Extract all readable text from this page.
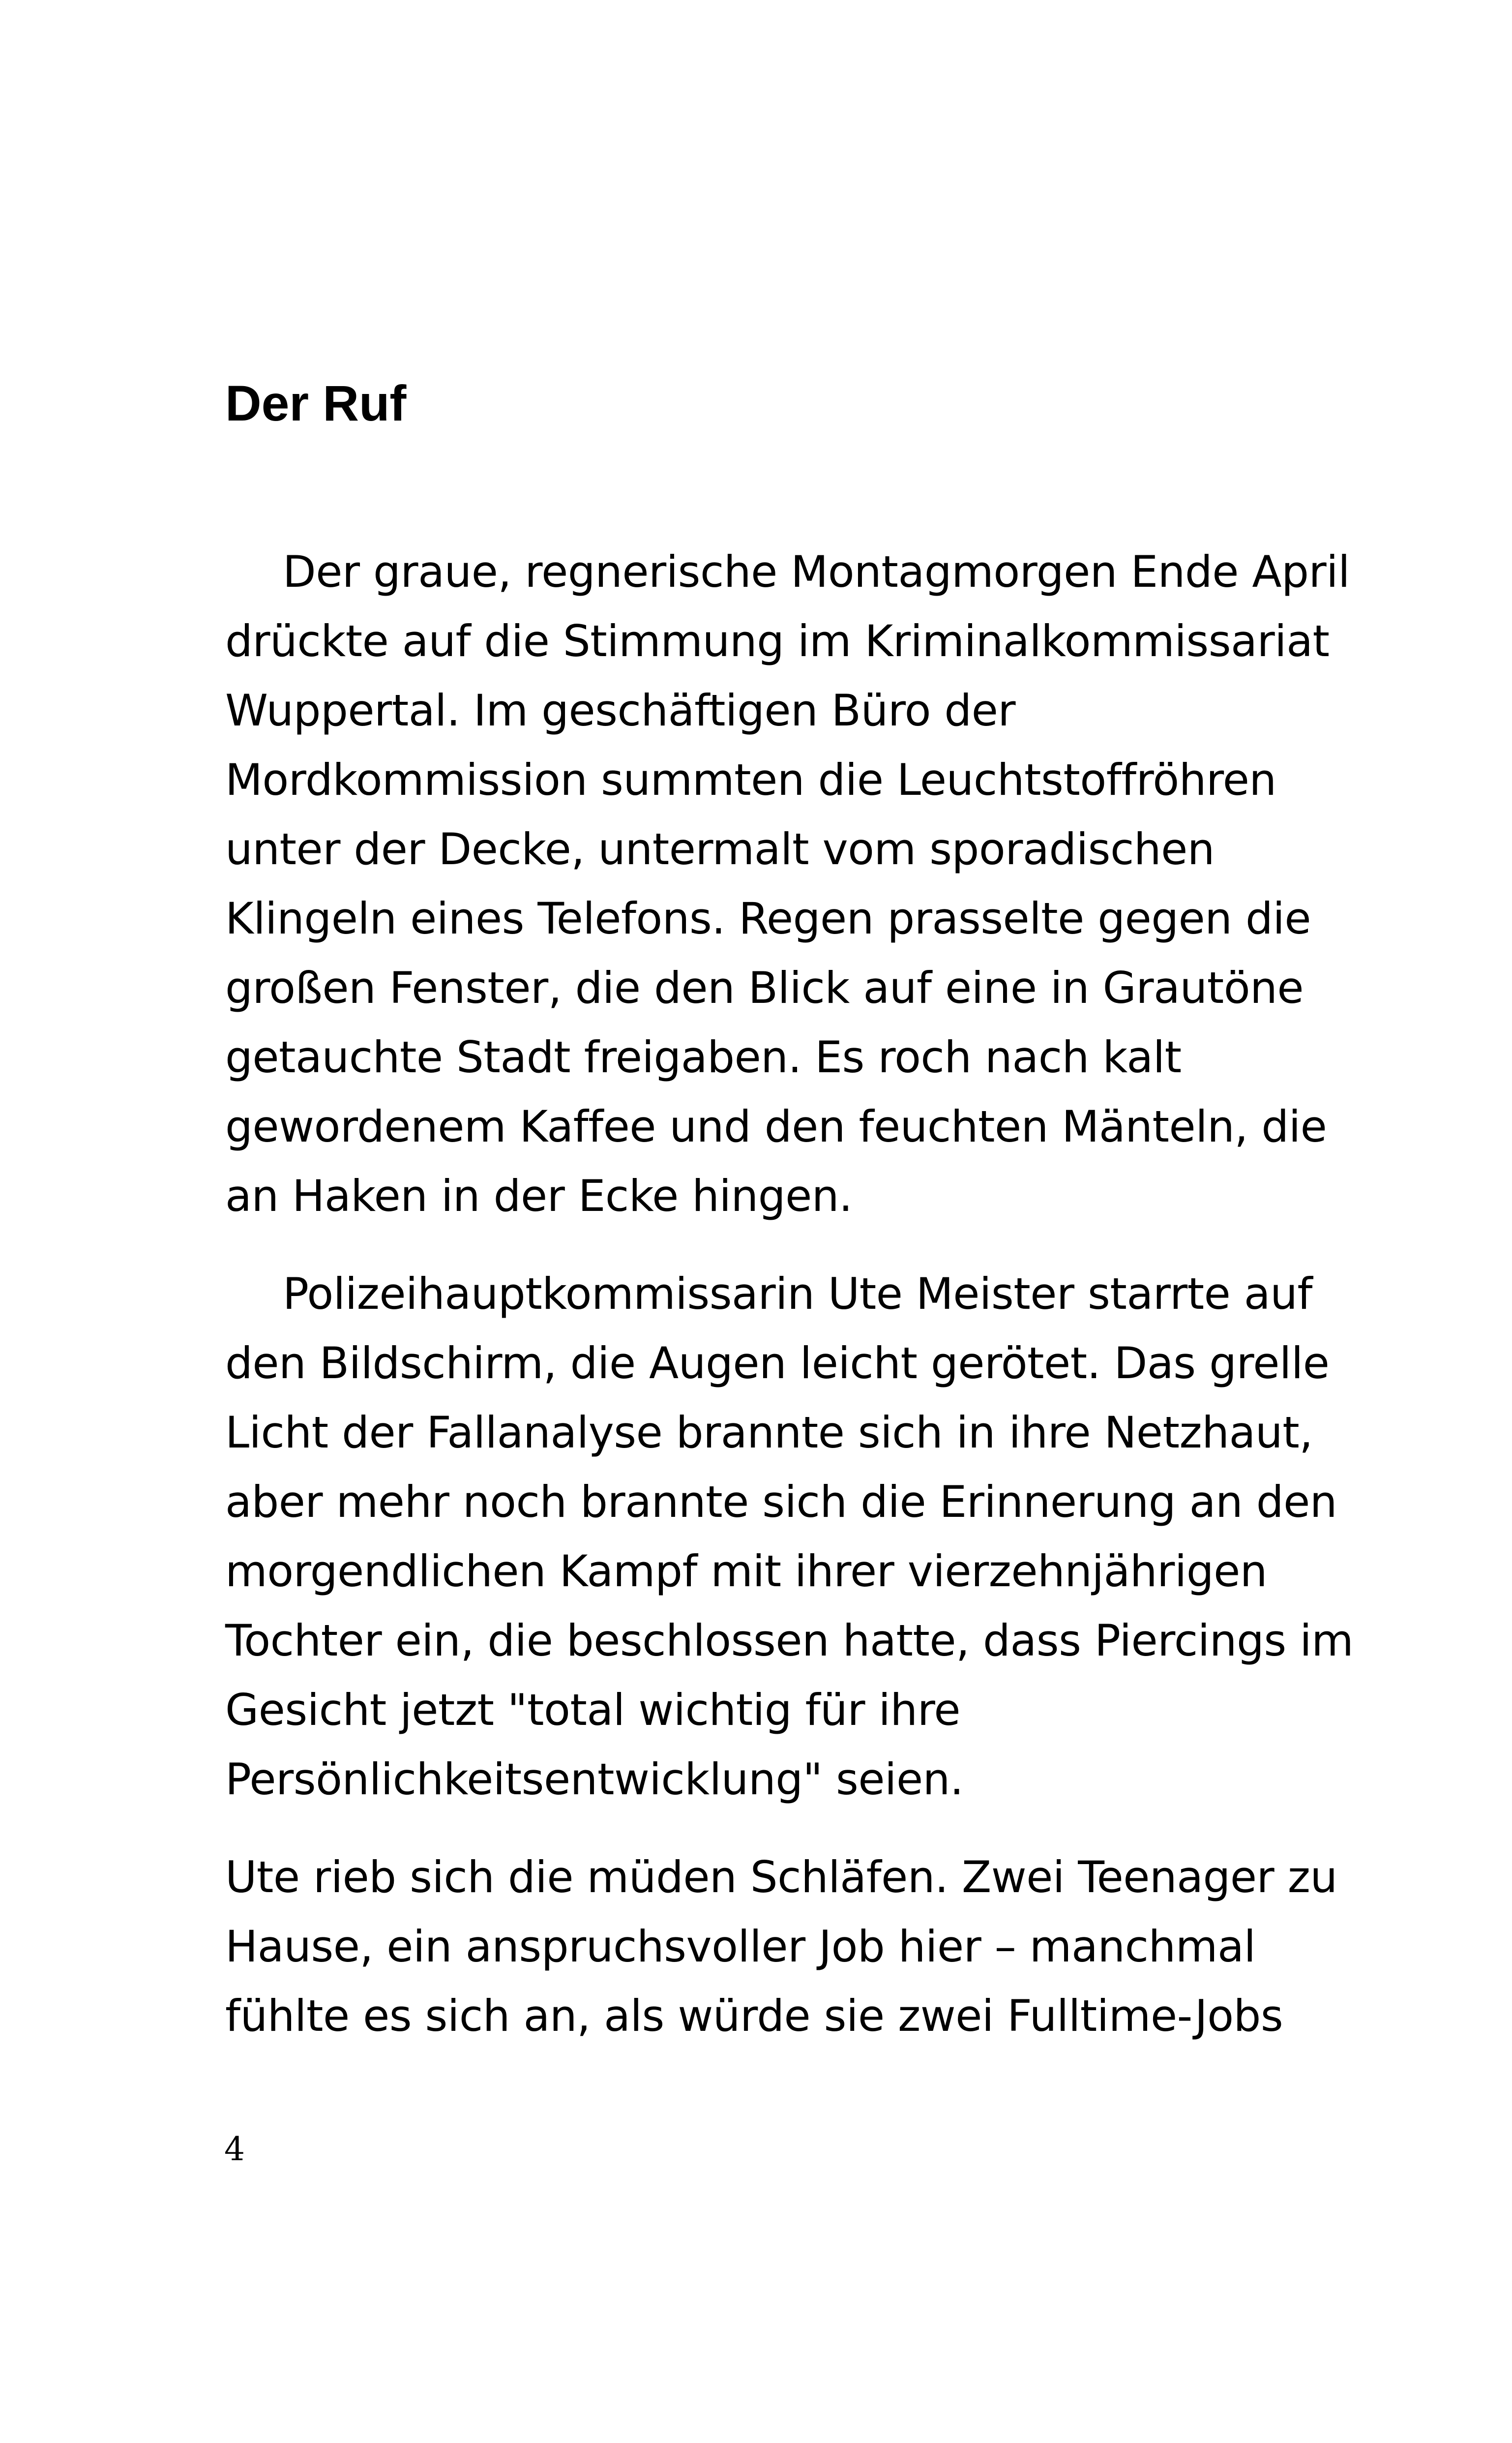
Der Ruf

Der graue, regnerische Montagmorgen Ende April
drückte auf die Stimmung im Kriminalkommissariat
Wuppertal. Im geschäftigen Büro der
Mordkommission summten die Leuchtstoffröhren
unter der Decke, untermalt vom sporadischen
Klingeln eines Telefons. Regen prasselte gegen die
großen Fenster, die den Blick auf eine in Grautöne
getauchte Stadt freigaben. Es roch nach kalt
gewordenem Kaffee und den feuchten Mänteln, die
an Haken in der Ecke hingen.

Polizeihauptkommissarin Ute Meister starrte auf
den Bildschirm, die Augen leicht gerötet. Das grelle
Licht der Fallanalyse brannte sich in ihre Netzhaut,
aber mehr noch brannte sich die Erinnerung an den
morgendlichen Kampf mit ihrer vierzehnjährigen
Tochter ein, die beschlossen hatte, dass Piercings im
Gesicht jetzt "total wichtig für ihre
Persönlichkeitsentwicklung" seien.

Ute rieb sich die müden Schläfen. Zwei Teenager zu
Hause, ein anspruchsvoller Job hier – manchmal
fühlte es sich an, als würde sie zwei Fulltime-Jobs

4
